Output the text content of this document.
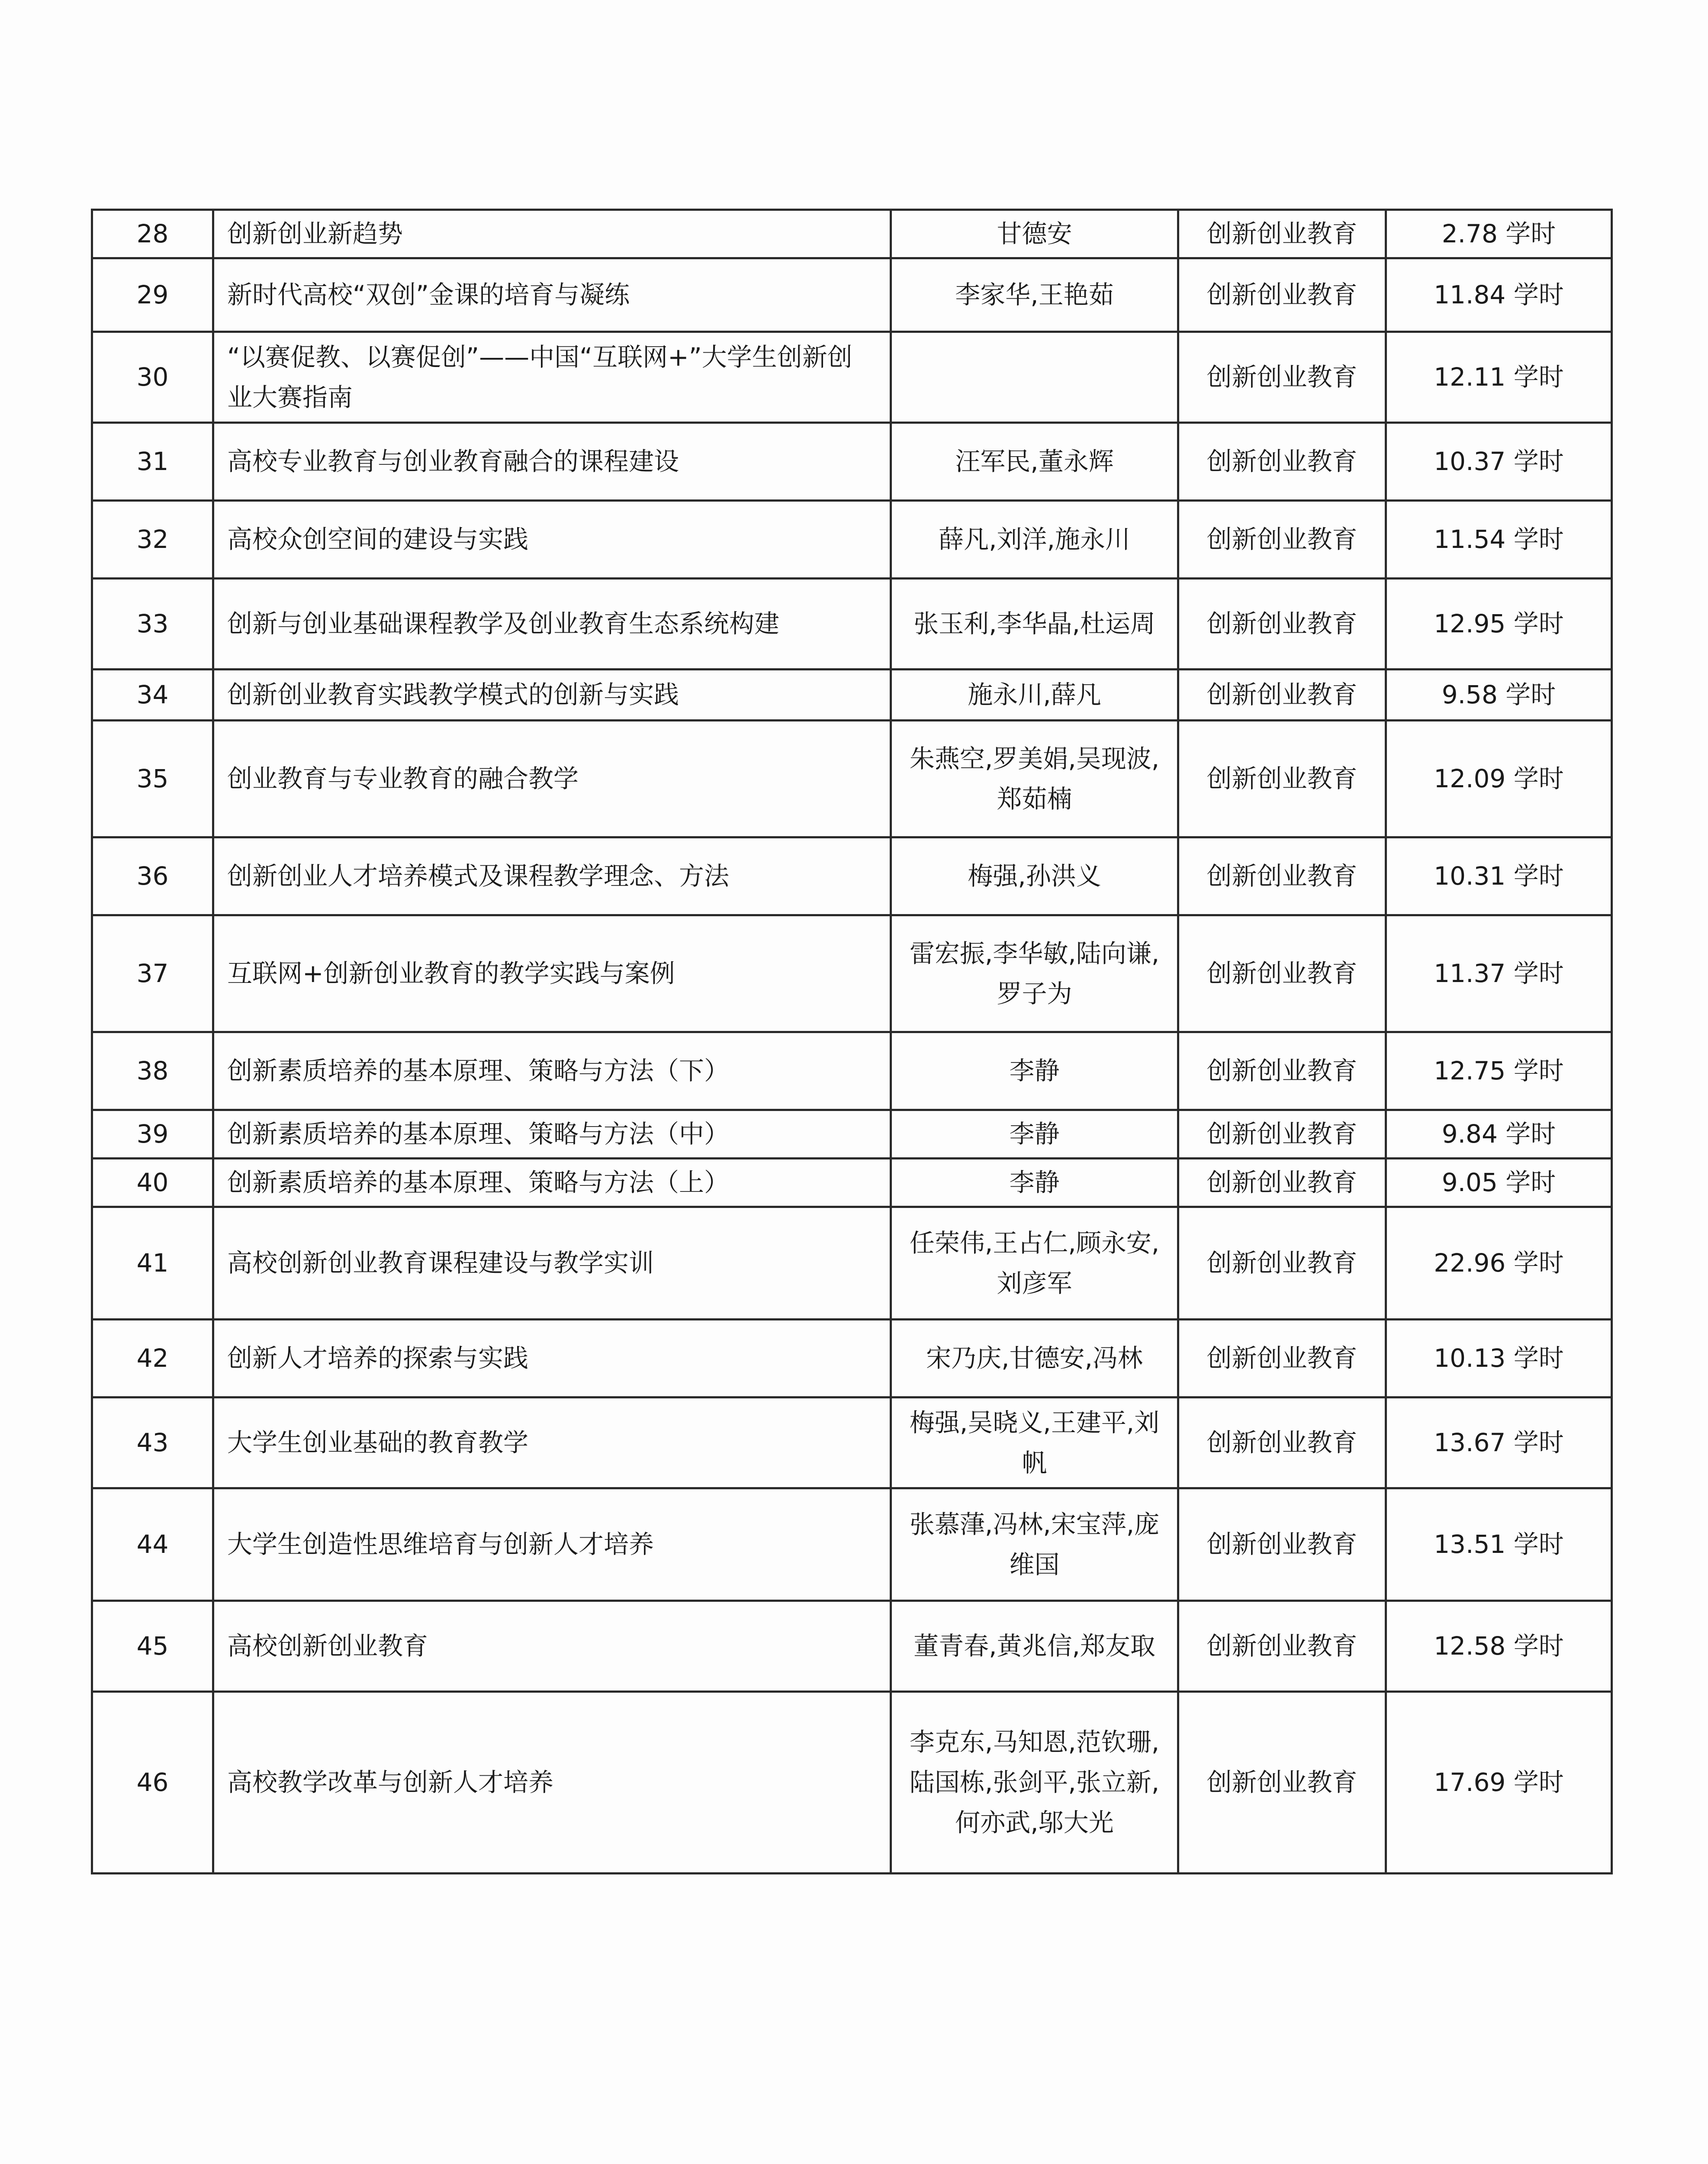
28	创新创业新趋势	甘德安	创新创业教育	2.78 学时
29	新时代高校“双创”金课的培育与凝练	李家华,王艳茹	创新创业教育	11.84 学时
30	“以赛促教、以赛促创”——中国“互联网+”大学生创新创业大赛指南		创新创业教育	12.11 学时
31	高校专业教育与创业教育融合的课程建设	汪军民,董永辉	创新创业教育	10.37 学时
32	高校众创空间的建设与实践	薛凡,刘洋,施永川	创新创业教育	11.54 学时
33	创新与创业基础课程教学及创业教育生态系统构建	张玉利,李华晶,杜运周	创新创业教育	12.95 学时
34	创新创业教育实践教学模式的创新与实践	施永川,薛凡	创新创业教育	9.58 学时
35	创业教育与专业教育的融合教学	朱燕空,罗美娟,吴现波,郑茹楠	创新创业教育	12.09 学时
36	创新创业人才培养模式及课程教学理念、方法	梅强,孙洪义	创新创业教育	10.31 学时
37	互联网+创新创业教育的教学实践与案例	雷宏振,李华敏,陆向谦,罗子为	创新创业教育	11.37 学时
38	创新素质培养的基本原理、策略与方法（下）	李静	创新创业教育	12.75 学时
39	创新素质培养的基本原理、策略与方法（中）	李静	创新创业教育	9.84 学时
40	创新素质培养的基本原理、策略与方法（上）	李静	创新创业教育	9.05 学时
41	高校创新创业教育课程建设与教学实训	任荣伟,王占仁,顾永安,刘彦军	创新创业教育	22.96 学时
42	创新人才培养的探索与实践	宋乃庆,甘德安,冯林	创新创业教育	10.13 学时
43	大学生创业基础的教育教学	梅强,吴晓义,王建平,刘帆	创新创业教育	13.67 学时
44	大学生创造性思维培育与创新人才培养	张慕葏,冯林,宋宝萍,庞维国	创新创业教育	13.51 学时
45	高校创新创业教育	董青春,黄兆信,郑友取	创新创业教育	12.58 学时
46	高校教学改革与创新人才培养	李克东,马知恩,范钦珊,陆国栋,张剑平,张立新,何亦武,邬大光	创新创业教育	17.69 学时
